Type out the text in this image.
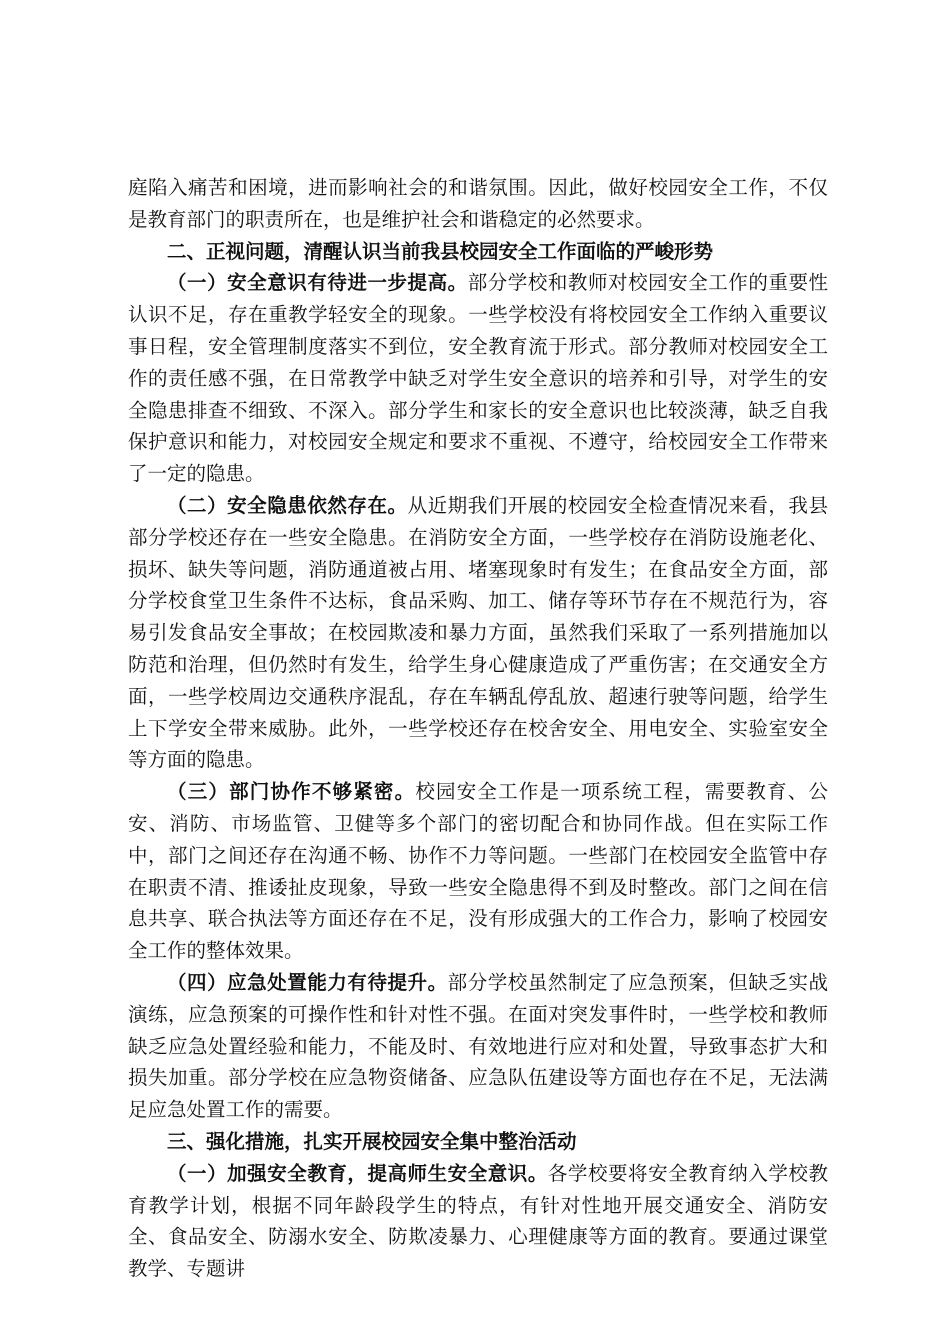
庭陷入痛苦和困境，进而影响社会的和谐氛围。因此，做好校园安全工作，不仅是教育部门的职责所在，也是维护社会和谐稳定的必然要求。

二、正视问题，清醒认识当前我县校园安全工作面临的严峻形势

（一）安全意识有待进一步提高。部分学校和教师对校园安全工作的重要性认识不足，存在重教学轻安全的现象。一些学校没有将校园安全工作纳入重要议事日程，安全管理制度落实不到位，安全教育流于形式。部分教师对校园安全工作的责任感不强，在日常教学中缺乏对学生安全意识的培养和引导，对学生的安全隐患排查不细致、不深入。部分学生和家长的安全意识也比较淡薄，缺乏自我保护意识和能力，对校园安全规定和要求不重视、不遵守，给校园安全工作带来了一定的隐患。

（二）安全隐患依然存在。从近期我们开展的校园安全检查情况来看，我县部分学校还存在一些安全隐患。在消防安全方面，一些学校存在消防设施老化、损坏、缺失等问题，消防通道被占用、堵塞现象时有发生；在食品安全方面，部分学校食堂卫生条件不达标，食品采购、加工、储存等环节存在不规范行为，容易引发食品安全事故；在校园欺凌和暴力方面，虽然我们采取了一系列措施加以防范和治理，但仍然时有发生，给学生身心健康造成了严重伤害；在交通安全方面，一些学校周边交通秩序混乱，存在车辆乱停乱放、超速行驶等问题，给学生上下学安全带来威胁。此外，一些学校还存在校舍安全、用电安全、实验室安全等方面的隐患。

（三）部门协作不够紧密。校园安全工作是一项系统工程，需要教育、公安、消防、市场监管、卫健等多个部门的密切配合和协同作战。但在实际工作中，部门之间还存在沟通不畅、协作不力等问题。一些部门在校园安全监管中存在职责不清、推诿扯皮现象，导致一些安全隐患得不到及时整改。部门之间在信息共享、联合执法等方面还存在不足，没有形成强大的工作合力，影响了校园安全工作的整体效果。

（四）应急处置能力有待提升。部分学校虽然制定了应急预案，但缺乏实战演练，应急预案的可操作性和针对性不强。在面对突发事件时，一些学校和教师缺乏应急处置经验和能力，不能及时、有效地进行应对和处置，导致事态扩大和损失加重。部分学校在应急物资储备、应急队伍建设等方面也存在不足，无法满足应急处置工作的需要。

三、强化措施，扎实开展校园安全集中整治活动

（一）加强安全教育，提高师生安全意识。各学校要将安全教育纳入学校教育教学计划，根据不同年龄段学生的特点，有针对性地开展交通安全、消防安全、食品安全、防溺水安全、防欺凌暴力、心理健康等方面的教育。要通过课堂教学、专题讲
